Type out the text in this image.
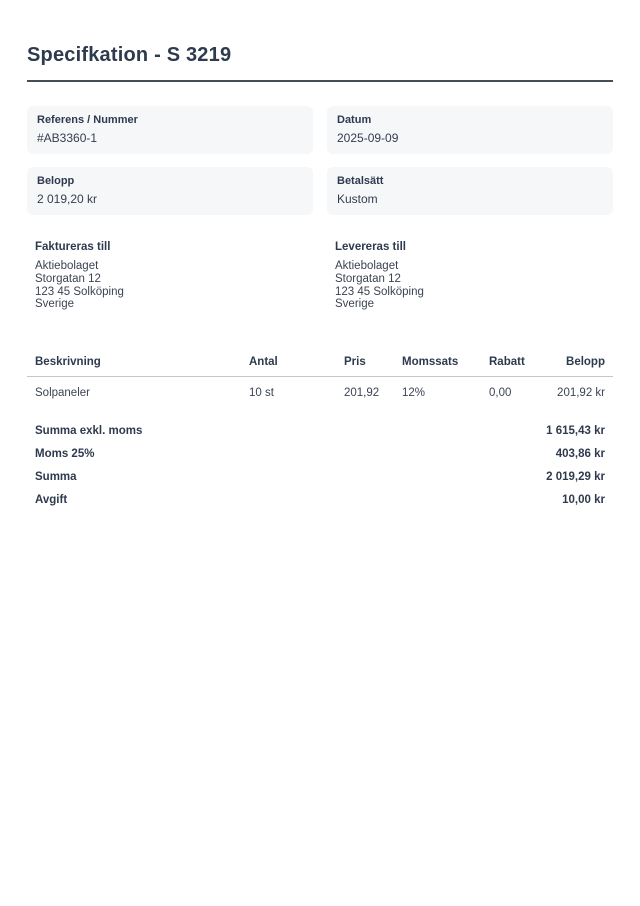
Specifkation - S 3219
Referens / Nummer
#AB3360-1
Datum
2025-09-09
Belopp
2 019,20 kr
Betalsätt
Kustom
Faktureras till
Aktiebolaget
Storgatan 12
123 45 Solköping
Sverige
Levereras till
Aktiebolaget
Storgatan 12
123 45 Solköping
Sverige
Beskrivning	Antal	Pris	Momssats	Rabatt	Belopp
Solpaneler	10 st	201,92	12%	0,00	201,92 kr
Summa exkl. moms	1 615,43 kr
Moms 25%	403,86 kr
Summa	2 019,29 kr
Avgift	10,00 kr
